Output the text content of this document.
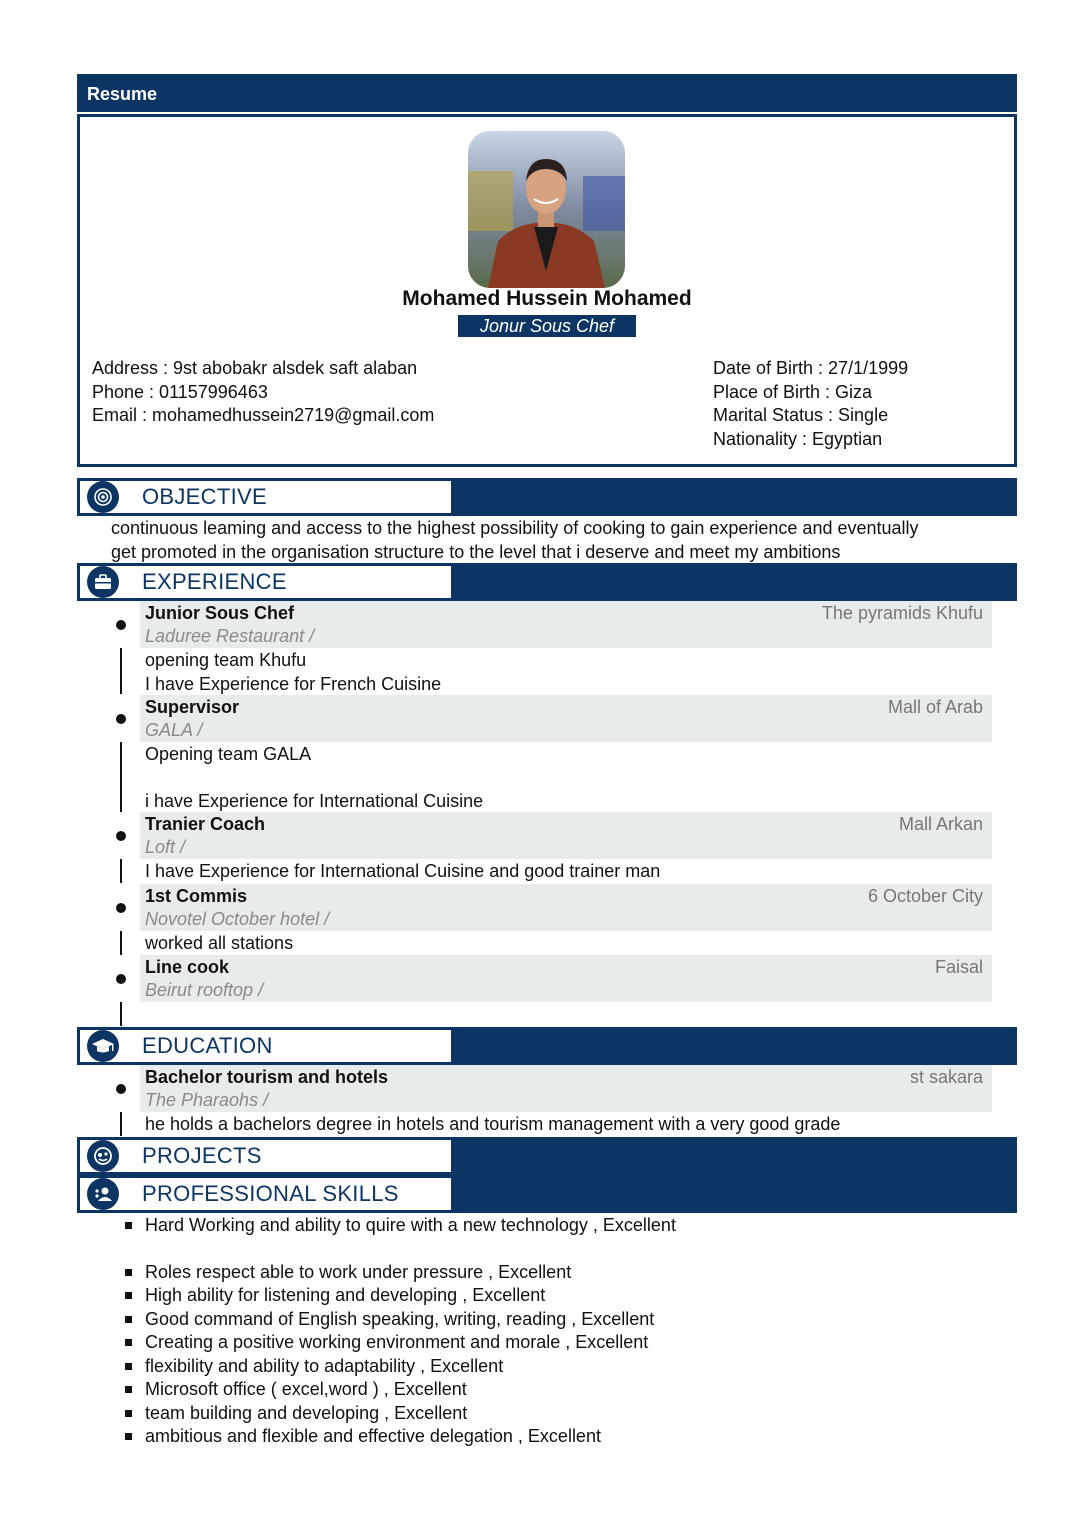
Resume
Mohamed Hussein Mohamed
Jonur Sous Chef
Address : 9st abobakr alsdek saft alaban
Phone : 01157996463
Email : mohamedhussein2719@gmail.com
Date of Birth : 27/1/1999
Place of Birth : Giza
Marital Status : Single
Nationality : Egyptian
OBJECTIVE
continuous leaming and access to the highest possibility of cooking to gain experience and eventually
get promoted in the organisation structure to the level that i deserve and meet my ambitions
EXPERIENCE
Junior Sous Chef
Laduree Restaurant /
The pyramids Khufu
opening team Khufu
I have Experience for French Cuisine
Supervisor
GALA /
Mall of Arab
Opening team GALA
i have Experience for International Cuisine
Tranier Coach
Loft /
Mall Arkan
I have Experience for International Cuisine and good trainer man
1st Commis
Novotel October hotel /
6 October City
worked all stations
Line cook
Beirut rooftop /
Faisal
EDUCATION
Bachelor tourism and hotels
The Pharaohs /
st sakara
he holds a bachelors degree in hotels and tourism management with a very good grade
PROJECTS
PROFESSIONAL SKILLS
Hard Working and ability to quire with a new technology , Excellent
Roles respect able to work under pressure , Excellent
High ability for listening and developing , Excellent
Good command of English speaking, writing, reading , Excellent
Creating a positive working environment and morale , Excellent
flexibility and ability to adaptability , Excellent
Microsoft office ( excel,word ) , Excellent
team building and developing , Excellent
ambitious and flexible and effective delegation , Excellent
